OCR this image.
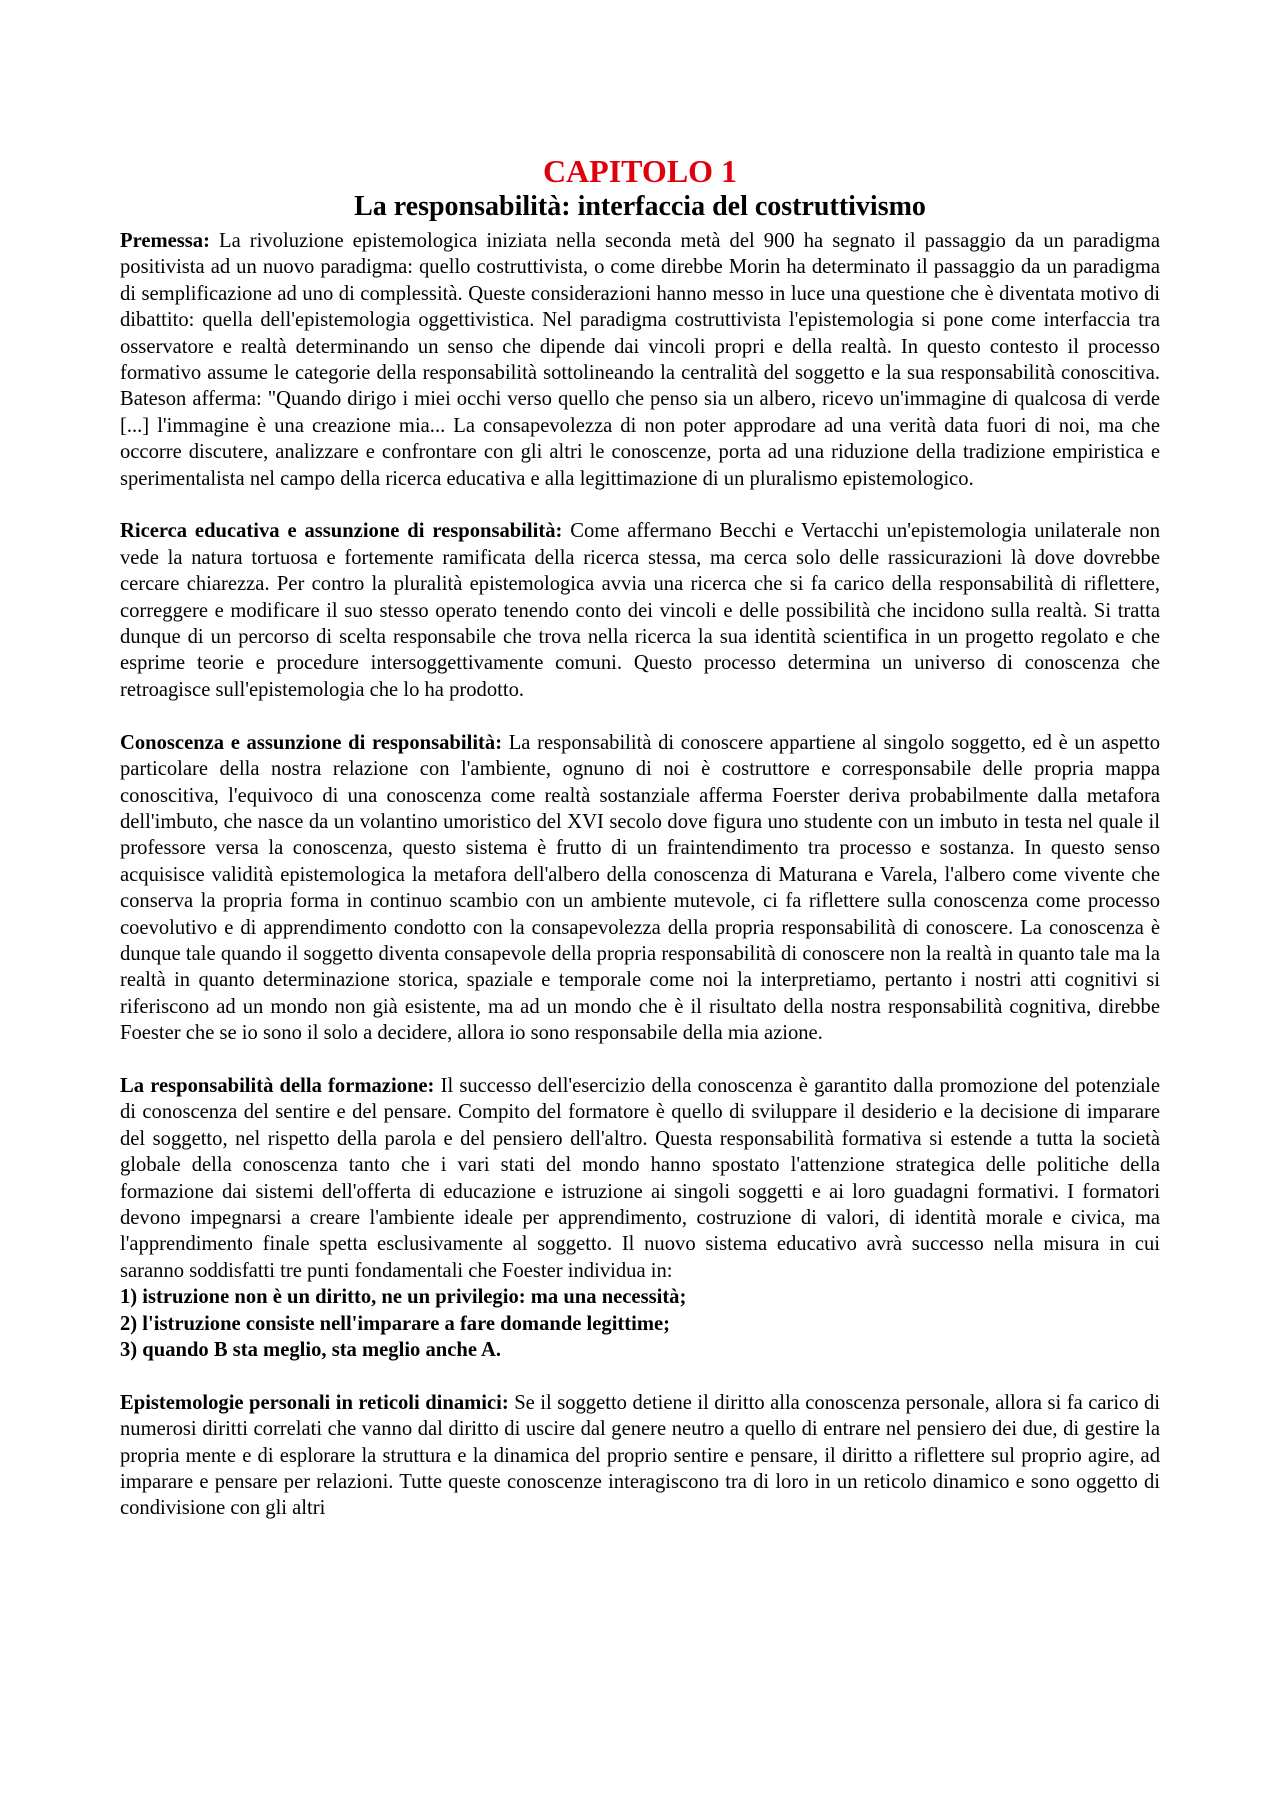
CAPITOLO 1
La responsabilità: interfaccia del costruttivismo

Premessa: La rivoluzione epistemologica iniziata nella seconda metà del 900 ha segnato il passaggio da un paradigma positivista ad un nuovo paradigma: quello costruttivista, o come direbbe Morin ha determinato il passaggio da un paradigma di semplificazione ad uno di complessità. Queste considerazioni hanno messo in luce una questione che è diventata motivo di dibattito: quella dell'epistemologia oggettivistica. Nel paradigma costruttivista l'epistemologia si pone come interfaccia tra osservatore e realtà determinando un senso che dipende dai vincoli propri e della realtà. In questo contesto il processo formativo assume le categorie della responsabilità sottolineando la centralità del soggetto e la sua responsabilità conoscitiva. Bateson afferma: "Quando dirigo i miei occhi verso quello che penso sia un albero, ricevo un'immagine di qualcosa di verde [...] l'immagine è una creazione mia... La consapevolezza di non poter approdare ad una verità data fuori di noi, ma che occorre discutere, analizzare e confrontare con gli altri le conoscenze, porta ad una riduzione della tradizione empiristica e sperimentalista nel campo della ricerca educativa e alla legittimazione di un pluralismo epistemologico.

Ricerca educativa e assunzione di responsabilità: Come affermano Becchi e Vertacchi un'epistemologia unilaterale non vede la natura tortuosa e fortemente ramificata della ricerca stessa, ma cerca solo delle rassicurazioni là dove dovrebbe cercare chiarezza. Per contro la pluralità epistemologica avvia una ricerca che si fa carico della responsabilità di riflettere, correggere e modificare il suo stesso operato tenendo conto dei vincoli e delle possibilità che incidono sulla realtà. Si tratta dunque di un percorso di scelta responsabile che trova nella ricerca la sua identità scientifica in un progetto regolato e che esprime teorie e procedure intersoggettivamente comuni. Questo processo determina un universo di conoscenza che retroagisce sull'epistemologia che lo ha prodotto.

Conoscenza e assunzione di responsabilità: La responsabilità di conoscere appartiene al singolo soggetto, ed è un aspetto particolare della nostra relazione con l'ambiente, ognuno di noi è costruttore e corresponsabile delle propria mappa conoscitiva, l'equivoco di una conoscenza come realtà sostanziale afferma Foerster deriva probabilmente dalla metafora dell'imbuto, che nasce da un volantino umoristico del XVI secolo dove figura uno studente con un imbuto in testa nel quale il professore versa la conoscenza, questo sistema è frutto di un fraintendimento tra processo e sostanza. In questo senso acquisisce validità epistemologica la metafora dell'albero della conoscenza di Maturana e Varela, l'albero come vivente che conserva la propria forma in continuo scambio con un ambiente mutevole, ci fa riflettere sulla conoscenza come processo coevolutivo e di apprendimento condotto con la consapevolezza della propria responsabilità di conoscere. La conoscenza è dunque tale quando il soggetto diventa consapevole della propria responsabilità di conoscere non la realtà in quanto tale ma la realtà in quanto determinazione storica, spaziale e temporale come noi la interpretiamo, pertanto i nostri atti cognitivi si riferiscono ad un mondo non già esistente, ma ad un mondo che è il risultato della nostra responsabilità cognitiva, direbbe Foester che se io sono il solo a decidere, allora io sono responsabile della mia azione.

La responsabilità della formazione: Il successo dell'esercizio della conoscenza è garantito dalla promozione del potenziale di conoscenza del sentire e del pensare. Compito del formatore è quello di sviluppare il desiderio e la decisione di imparare del soggetto, nel rispetto della parola e del pensiero dell'altro. Questa responsabilità formativa si estende a tutta la società globale della conoscenza tanto che i vari stati del mondo hanno spostato l'attenzione strategica delle politiche della formazione dai sistemi dell'offerta di educazione e istruzione ai singoli soggetti e ai loro guadagni formativi. I formatori devono impegnarsi a creare l'ambiente ideale per apprendimento, costruzione di valori, di identità morale e civica, ma l'apprendimento finale spetta esclusivamente al soggetto. Il nuovo sistema educativo avrà successo nella misura in cui saranno soddisfatti tre punti fondamentali che Foester individua in:

1) istruzione non è un diritto, ne un privilegio: ma una necessità;
2) l'istruzione consiste nell'imparare a fare domande legittime;
3) quando B sta meglio, sta meglio anche A.

Epistemologie personali in reticoli dinamici: Se il soggetto detiene il diritto alla conoscenza personale, allora si fa carico di numerosi diritti correlati che vanno dal diritto di uscire dal genere neutro a quello di entrare nel pensiero dei due, di gestire la propria mente e di esplorare la struttura e la dinamica del proprio sentire e pensare, il diritto a riflettere sul proprio agire, ad imparare e pensare per relazioni. Tutte queste conoscenze interagiscono tra di loro in un reticolo dinamico e sono oggetto di condivisione con gli altri
